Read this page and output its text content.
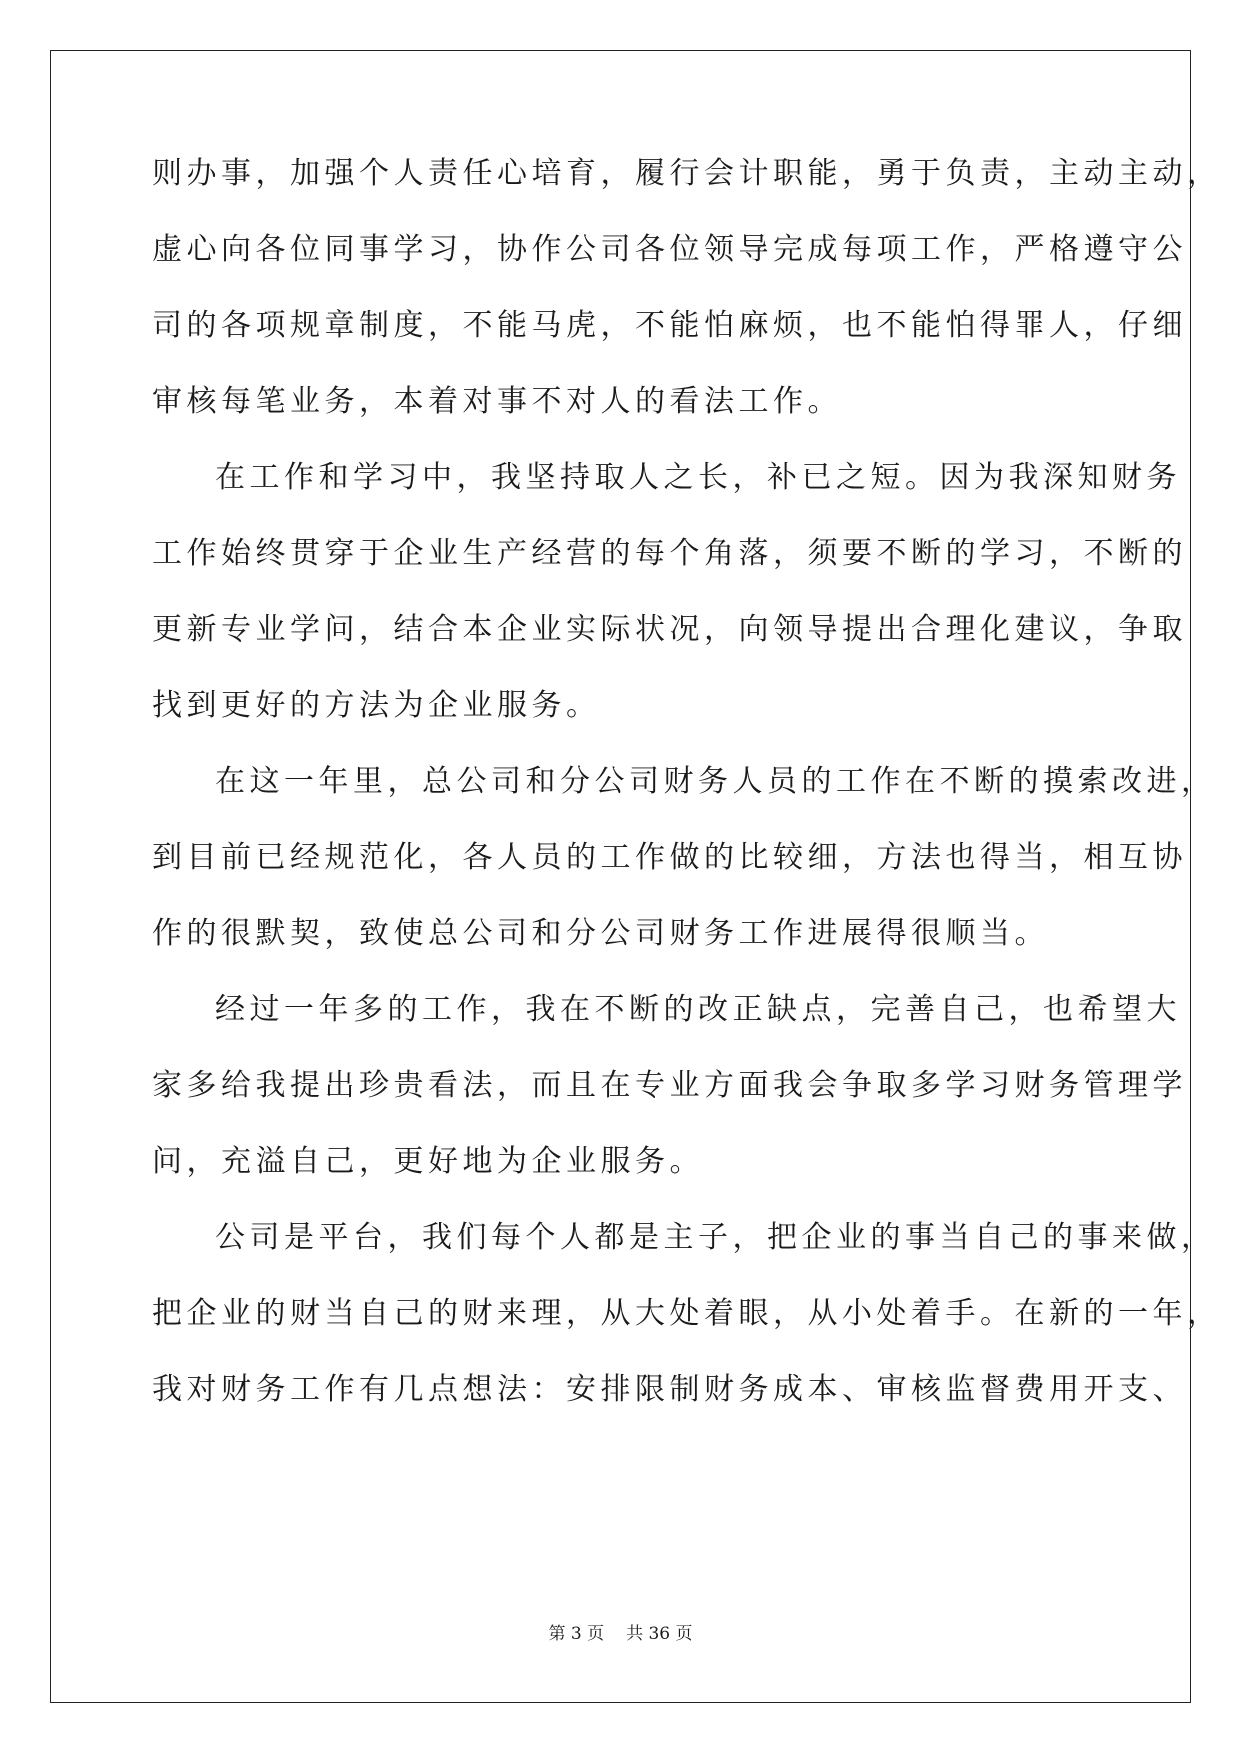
则办事，加强个人责任心培育，履行会计职能，勇于负责，主动主动，
虚心向各位同事学习，协作公司各位领导完成每项工作，严格遵守公
司的各项规章制度，不能马虎，不能怕麻烦，也不能怕得罪人，仔细
审核每笔业务，本着对事不对人的看法工作。
在工作和学习中，我坚持取人之长，补已之短。因为我深知财务
工作始终贯穿于企业生产经营的每个角落，须要不断的学习，不断的
更新专业学问，结合本企业实际状况，向领导提出合理化建议，争取
找到更好的方法为企业服务。
在这一年里，总公司和分公司财务人员的工作在不断的摸索改进，
到目前已经规范化，各人员的工作做的比较细，方法也得当，相互协
作的很默契，致使总公司和分公司财务工作进展得很顺当。
经过一年多的工作，我在不断的改正缺点，完善自己，也希望大
家多给我提出珍贵看法，而且在专业方面我会争取多学习财务管理学
问，充溢自己，更好地为企业服务。
公司是平台，我们每个人都是主子，把企业的事当自己的事来做，
把企业的财当自己的财来理，从大处着眼，从小处着手。在新的一年，
我对财务工作有几点想法：安排限制财务成本、审核监督费用开支、
第 3 页 共 36 页
